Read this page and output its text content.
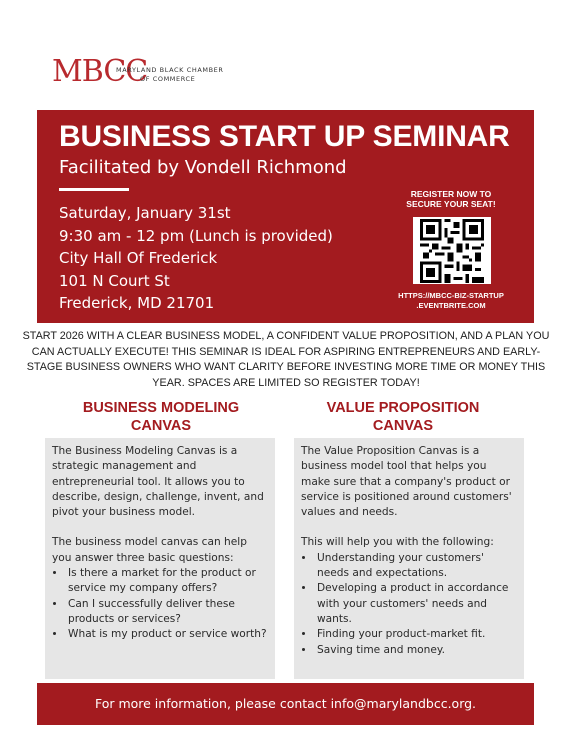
MBCC
MARYLAND BLACK CHAMBER
OF COMMERCE
BUSINESS START UP SEMINAR
Facilitated by Vondell Richmond
Saturday, January 31st
9:30 am - 12 pm (Lunch is provided)
City Hall Of Frederick
101 N Court St
Frederick, MD 21701
REGISTER NOW TO
SECURE YOUR SEAT!
HTTPS://MBCC-BIZ-STARTUP
.EVENTBRITE.COM
START 2026 WITH A CLEAR BUSINESS MODEL, A CONFIDENT VALUE PROPOSITION, AND A PLAN YOU CAN ACTUALLY EXECUTE! THIS SEMINAR IS IDEAL FOR ASPIRING ENTREPRENEURS AND EARLY-STAGE BUSINESS OWNERS WHO WANT CLARITY BEFORE INVESTING MORE TIME OR MONEY THIS YEAR. SPACES ARE LIMITED SO REGISTER TODAY!
BUSINESS MODELING
CANVAS
VALUE PROPOSITION
CANVAS

The Business Modeling Canvas is a strategic management and entrepreneurial tool. It allows you to describe, design, challenge, invent, and pivot your business model.

The business model canvas can help you answer three basic questions:

• Is there a market for the product or service my company offers?
• Can I successfully deliver these products or services?
• What is my product or service worth?

The Value Proposition Canvas is a business model tool that helps you make sure that a company's product or service is positioned around customers' values and needs.

This will help you with the following:

• Understanding your customers' needs and expectations.
• Developing a product in accordance with your customers' needs and wants.
• Finding your product-market fit.
• Saving time and money.
For more information, please contact info@marylandbcc.org.
